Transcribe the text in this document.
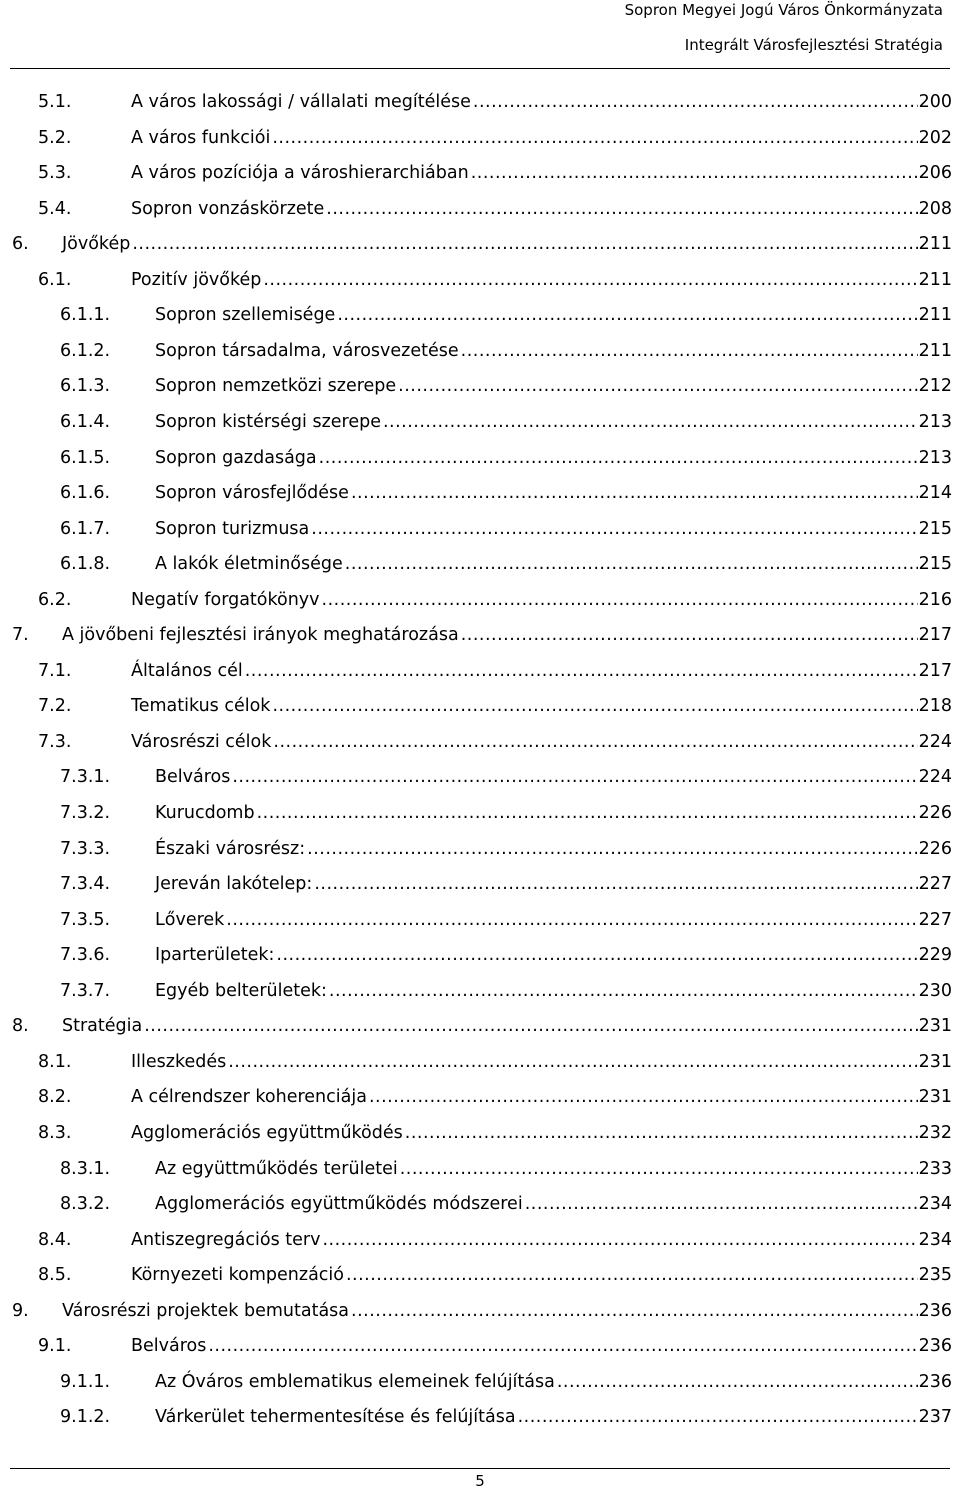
Sopron Megyei Jogú Város Önkormányzata
Integrált Városfejlesztési Stratégia
5.1.	A város lakossági / vállalati megítélése .....	200
5.2.	A város funkciói .....	202
5.3.	A város pozíciója a városhierarchiában .....	206
5.4.	Sopron vonzáskörzete .....	208
6.	Jövőkép .....	211
6.1.	Pozitív jövőkép .....	211
6.1.1.	Sopron szellemisége .....	211
6.1.2.	Sopron társadalma, városvezetése .....	211
6.1.3.	Sopron nemzetközi szerepe .....	212
6.1.4.	Sopron kistérségi szerepe .....	213
6.1.5.	Sopron gazdasága .....	213
6.1.6.	Sopron városfejlődése .....	214
6.1.7.	Sopron turizmusa .....	215
6.1.8.	A lakók életminősége .....	215
6.2.	Negatív forgatókönyv .....	216
7.	A jövőbeni fejlesztési irányok meghatározása .....	217
7.1.	Általános cél .....	217
7.2.	Tematikus célok .....	218
7.3.	Városrészi célok .....	224
7.3.1.	Belváros .....	224
7.3.2.	Kurucdomb .....	226
7.3.3.	Északi városrész: .....	226
7.3.4.	Jereván lakótelep: .....	227
7.3.5.	Lőverek .....	227
7.3.6.	Iparterületek: .....	229
7.3.7.	Egyéb belterületek: .....	230
8.	Stratégia .....	231
8.1.	Illeszkedés .....	231
8.2.	A célrendszer koherenciája .....	231
8.3.	Agglomerációs együttműködés .....	232
8.3.1.	Az együttműködés területei .....	233
8.3.2.	Agglomerációs együttműködés módszerei .....	234
8.4.	Antiszegregációs terv .....	234
8.5.	Környezeti kompenzáció .....	235
9.	Városrészi projektek bemutatása .....	236
9.1.	Belváros .....	236
9.1.1.	Az Óváros emblematikus elemeinek felújítása .....	236
9.1.2.	Várkerület tehermentesítése és felújítása .....	237
5
